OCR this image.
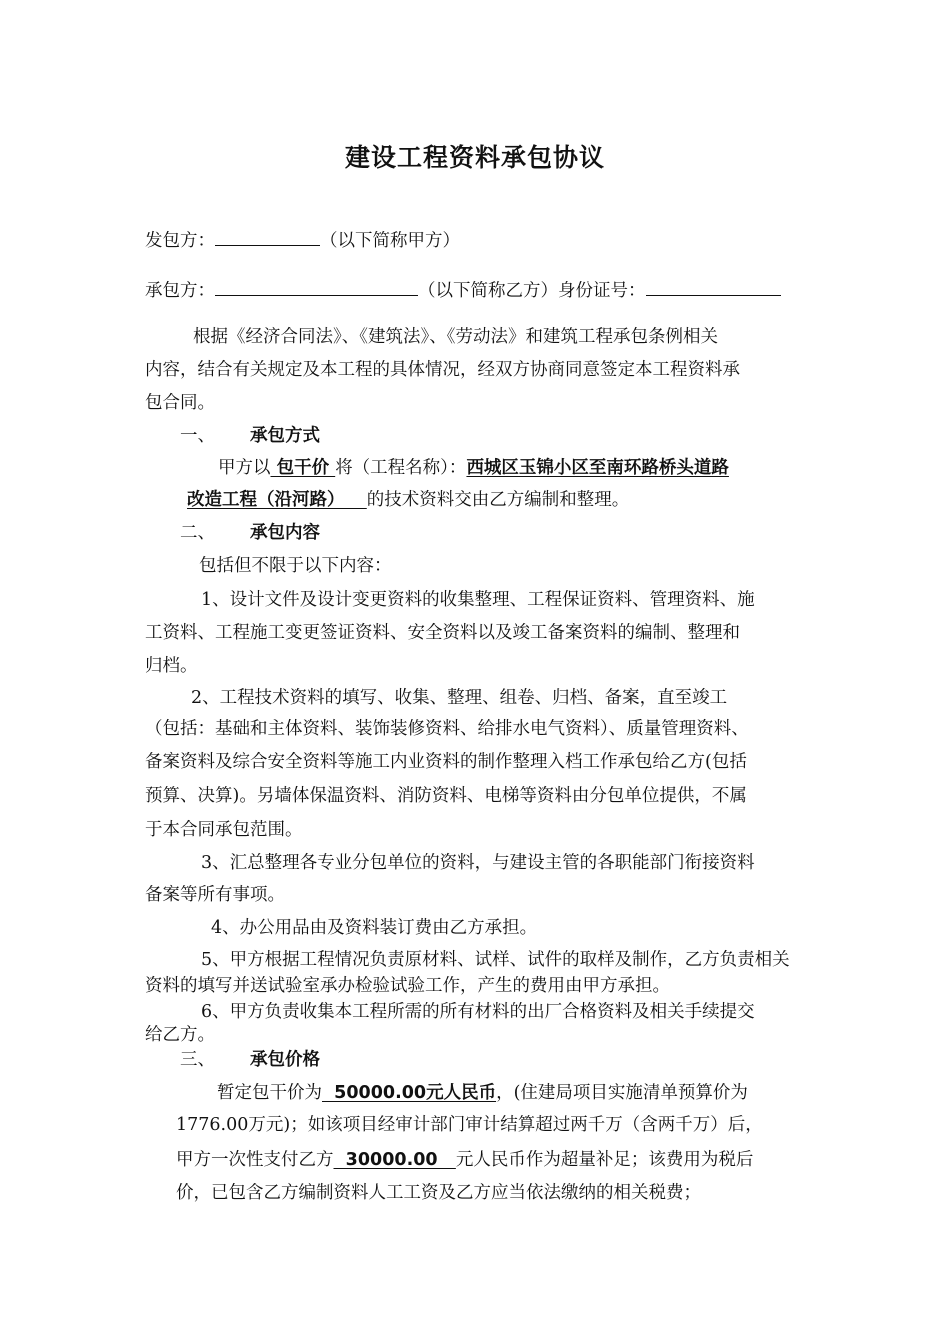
建设工程资料承包协议
发包方：	（以下简称甲方）
承包方：	（以下简称乙方）身份证号：
根据《经济合同法》、《建筑法》、《劳动法》和建筑工程承包条例相关
内容，结合有关规定及本工程的具体情况，经双方协商同意签定本工程资料承
包合同。
一、 承包方式
甲方以 包干价 将（工程名称）：西城区玉锦小区至南环路桥头道路
改造工程（沿河路） 的技术资料交由乙方编制和整理。
二、 承包内容
包括但不限于以下内容：
1、设计文件及设计变更资料的收集整理、工程保证资料、管理资料、施
工资料、工程施工变更签证资料、安全资料以及竣工备案资料的编制、整理和
归档。
2、工程技术资料的填写、收集、整理、组卷、归档、备案，直至竣工
（包括：基础和主体资料、装饰装修资料、给排水电气资料）、质量管理资料、
备案资料及综合安全资料等施工内业资料的制作整理入档工作承包给乙方(包括
预算、决算)。另墙体保温资料、消防资料、电梯等资料由分包单位提供，不属
于本合同承包范围。
3、汇总整理各专业分包单位的资料，与建设主管的各职能部门衔接资料
备案等所有事项。
4、办公用品由及资料装订费由乙方承担。
5、甲方根据工程情况负责原材料、试样、试件的取样及制作，乙方负责相关
资料的填写并送试验室承办检验试验工作，产生的费用由甲方承担。
6、甲方负责收集本工程所需的所有材料的出厂合格资料及相关手续提交
给乙方。
三、 承包价格
暂定包干价为  50000.00元人民币，(住建局项目实施清单预算价为
1776.00万元)；如该项目经审计部门审计结算超过两千万（含两千万）后，
甲方一次性支付乙方  30000.00   元人民币作为超量补足；该费用为税后
价，已包含乙方编制资料人工工资及乙方应当依法缴纳的相关税费；
